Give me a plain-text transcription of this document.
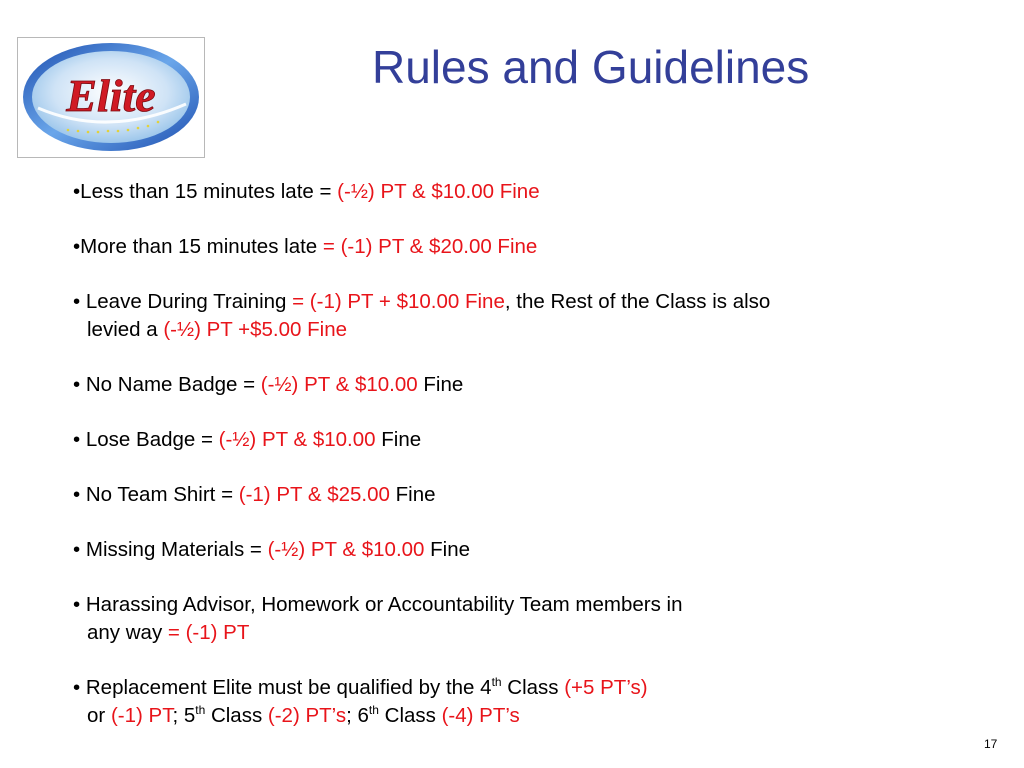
Elite
Rules and Guidelines
•Less than 15 minutes late = (-½) PT & $10.00 Fine
•More than 15 minutes late = (-1) PT & $20.00 Fine
• Leave During Training = (-1) PT + $10.00 Fine, the Rest of the Class is also
levied a (-½) PT +$5.00 Fine
• No Name Badge = (-½) PT & $10.00 Fine
• Lose Badge = (-½) PT & $10.00 Fine
• No Team Shirt = (-1) PT & $25.00 Fine
• Missing Materials = (-½) PT & $10.00 Fine
• Harassing Advisor, Homework or Accountability Team members in
any way = (-1) PT
• Replacement Elite must be qualified by the 4th Class (+5 PT’s)
or (-1) PT; 5th Class (-2) PT’s; 6th Class (-4) PT’s
17
